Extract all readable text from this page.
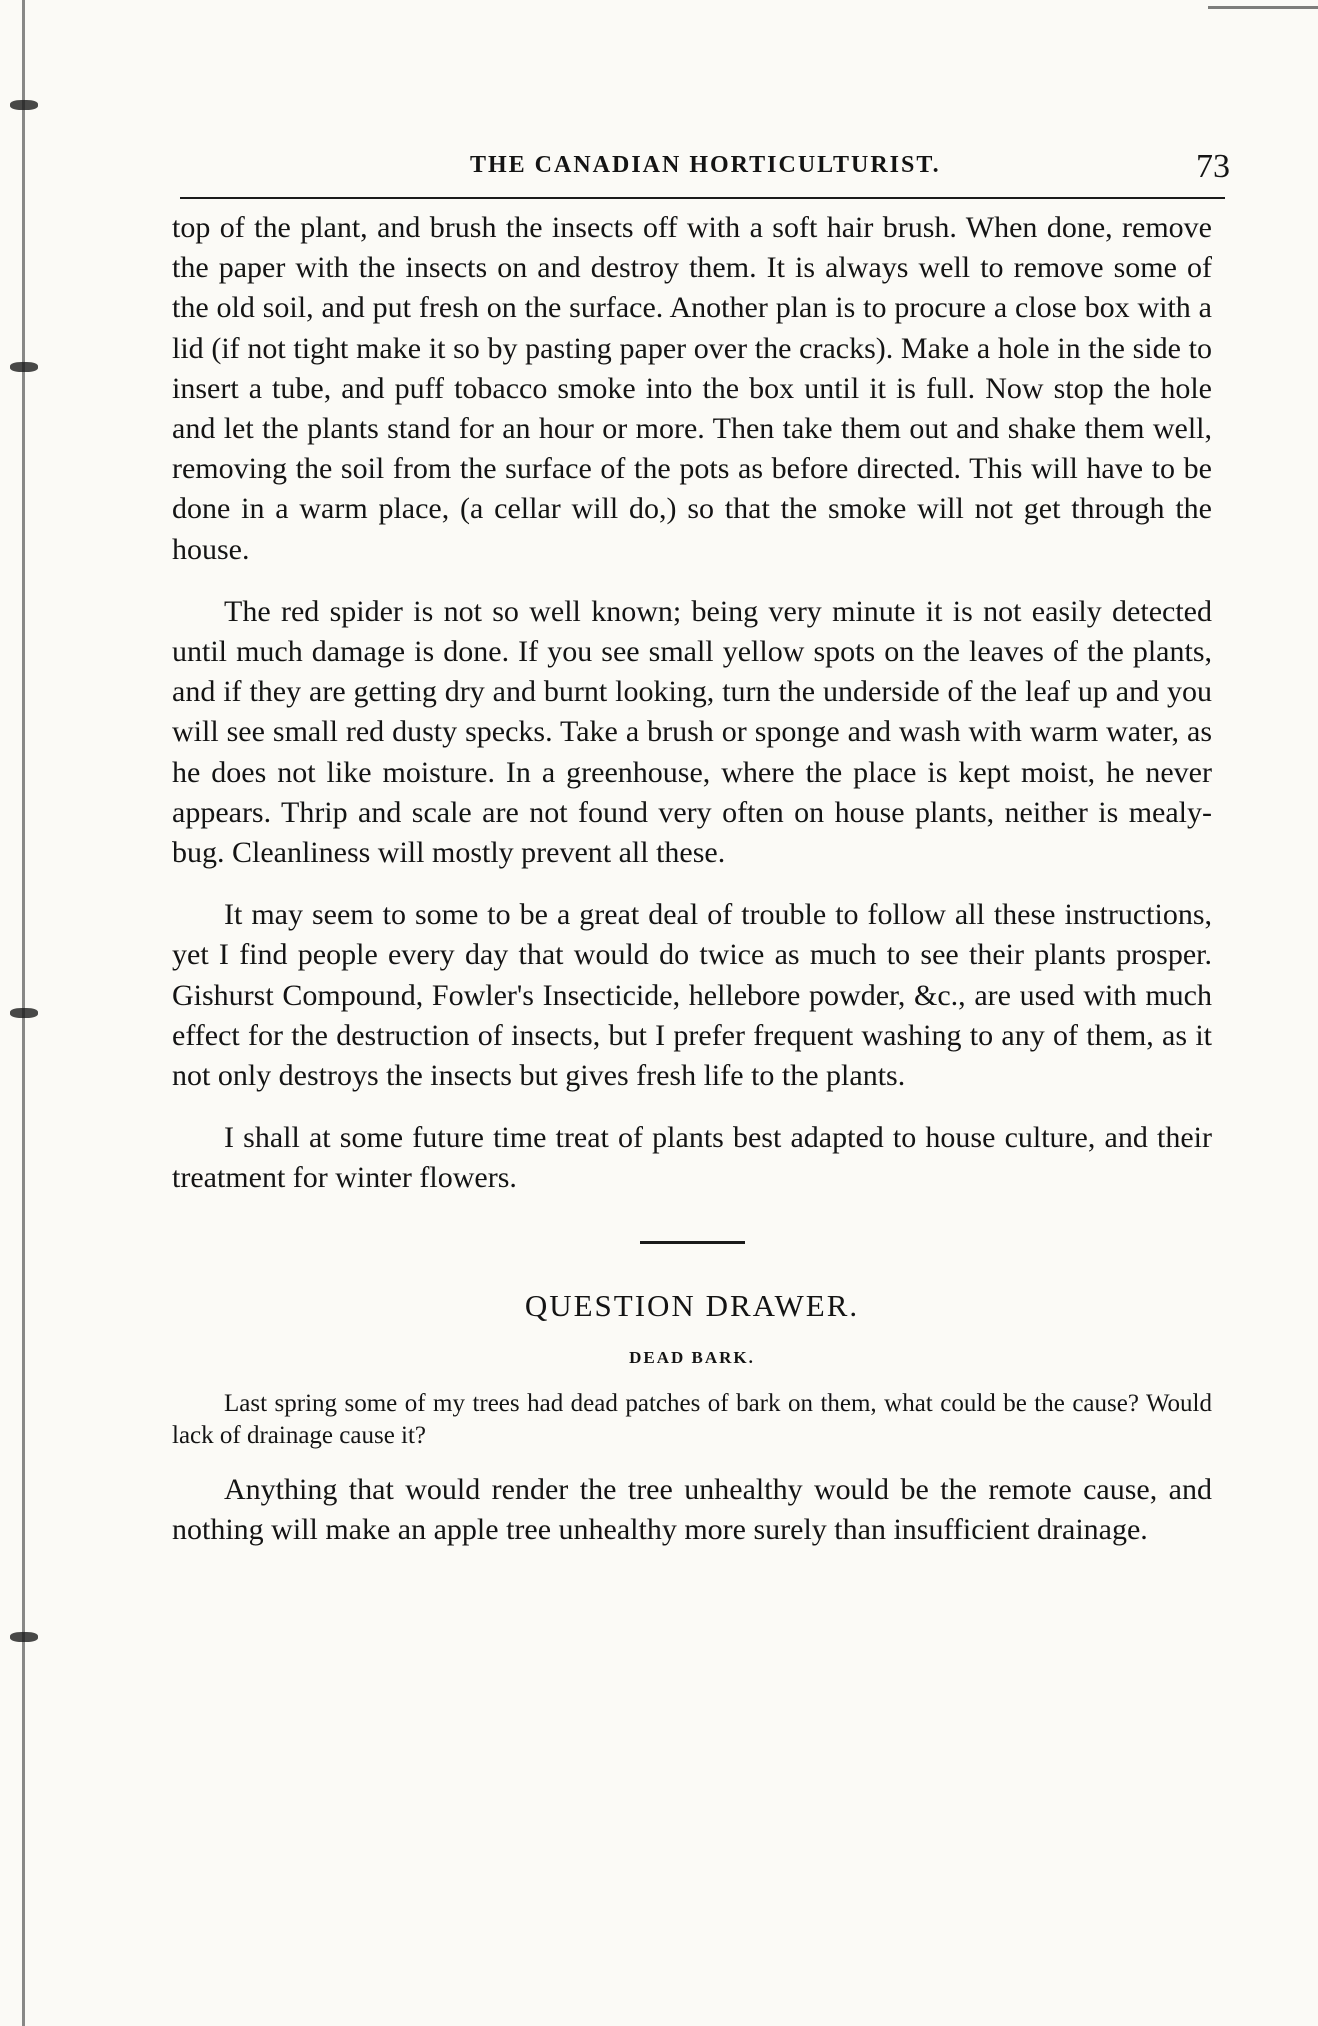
THE CANADIAN HORTICULTURIST.	73

top of the plant, and brush the insects off with a soft hair brush. When done, remove the paper with the insects on and destroy them. It is always well to remove some of the old soil, and put fresh on the surface. Another plan is to procure a close box with a lid (if not tight make it so by pasting paper over the cracks). Make a hole in the side to insert a tube, and puff tobacco smoke into the box until it is full. Now stop the hole and let the plants stand for an hour or more. Then take them out and shake them well, removing the soil from the surface of the pots as before directed. This will have to be done in a warm place, (a cellar will do,) so that the smoke will not get through the house.

The red spider is not so well known; being very minute it is not easily detected until much damage is done. If you see small yellow spots on the leaves of the plants, and if they are getting dry and burnt looking, turn the underside of the leaf up and you will see small red dusty specks. Take a brush or sponge and wash with warm water, as he does not like moisture. In a greenhouse, where the place is kept moist, he never appears. Thrip and scale are not found very often on house plants, neither is mealy-bug. Cleanliness will mostly prevent all these.

It may seem to some to be a great deal of trouble to follow all these instructions, yet I find people every day that would do twice as much to see their plants prosper. Gishurst Compound, Fowler's Insecticide, hellebore powder, &c., are used with much effect for the destruction of insects, but I prefer frequent washing to any of them, as it not only destroys the insects but gives fresh life to the plants.

I shall at some future time treat of plants best adapted to house culture, and their treatment for winter flowers.

QUESTION DRAWER.
DEAD BARK.

Last spring some of my trees had dead patches of bark on them, what could be the cause? Would lack of drainage cause it?

Anything that would render the tree unhealthy would be the remote cause, and nothing will make an apple tree unhealthy more surely than insufficient drainage.
